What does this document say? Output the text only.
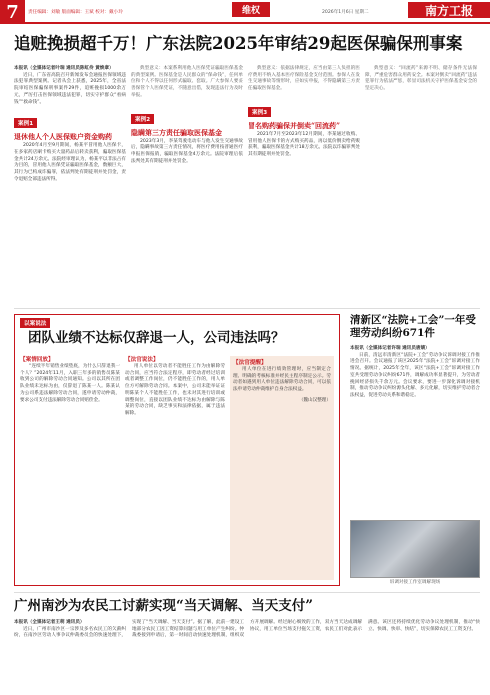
7	责任编辑：刘敏 版面编辑：王斌 校对：戴小玲	维权	2026年1月6日 星期二	南方工报
追赃挽损超千万！广东法院2025年审结29起医保骗保刑事案
本报讯（全媒体记者叶瑞 通讯员陈虹伶 黄焕章）
近日，广东省高院召开新闻发布会通报医保领域违法犯罪典型案例。记者从会上获悉，2025年，全省法院审结医保骗保刑事案件29件，追赃挽损1000余万元，严厉打击医保领域违法犯罪，切实守护群众“看病钱”“救命钱”。
案例1
退休他人个人医保账户资金购药
2020年4月至9月期间，杨某平冒用他人医保卡，在多家药店刷卡购买大量药品后转卖获利，骗取医保基金共计24万余元。法院经审理认为，杨某平以非法占有为目的，冒用他人医保凭证骗取医保基金，数额巨大，其行为已构成诈骗罪，依法判处有期徒刑并处罚金，责令退赔全部违法所得。
典型意义：本案系利用他人医保凭证骗取医保基金的典型案例。医保基金是人民群众的“保命钱”，任何单位和个人不得以任何形式骗取、套取。广大参保人要妥善保管个人医保凭证，不随意出借，发现违法行为及时举报。
案例2
隐瞒第三方责任骗取医保基金
2023年3月，李某驾驶电动车与他人发生交通事故后，隐瞒事故第三方责任情况，将医疗费用按普通医疗申报医保报销，骗取医保基金4万余元。法院审理后依法判处其有期徒刑并处罚金。
典型意义：依据法律规定，应当由第三人负担的医疗费用不纳入基本医疗保险基金支付范围。参保人在发生交通事故等情形时，应如实申报，不得隐瞒第三方责任骗取医保基金。
案例3
冒名购药骗保并倒卖“回流药”
2021年7月至2023年12月期间，李某通过收购、冒用他人医保卡的方式购买药品，再以低价倒卖给药贩获利，骗取医保基金共计18万余元。法院以诈骗罪判处其有期徒刑并处罚金。
典型意义：“回流药”来源不明、储存条件无法保障，严重危害群众用药安全。本案对倒卖“回流药”违法犯罪行为依法严惩，彰显司法机关守护医保基金安全的坚定决心。
以案说法
团队业绩不达标仅辞退一人，公司违法吗？
【案情回放】
“连续半年销售业绩垫底，为什么只辞退我一个人？”2024年11月，入职三年多的销售员陈某收到公司的解除劳动合同通知。公司以其所在团队业绩未达标为由，仅辞退了陈某一人。陈某认为公司系违法解除劳动合同，遂申请劳动仲裁，要求公司支付违法解除劳动合同赔偿金。
【法官说法】
用人单位以劳动者不能胜任工作为由解除劳动合同，应当符合法定程序，即劳动者经过培训或者调整工作岗位，仍不能胜任工作的，用人单位方可解除劳动合同。本案中，公司未能举证证明陈某个人不能胜任工作，也未对其进行培训或调整岗位，直接以团队业绩不达标为由解除与陈某的劳动合同，缺乏事实和法律依据，属于违法解除。
【法官提醒】
用人单位在进行绩效管理时，应当制定合理、明确的考核标准并经民主程序制定公示。劳动者如遇到用人单位违法解除劳动合同，可以依法申请劳动仲裁维护自身合法权益。
（魏山汉整理）
清新区“法院+工会”一年受理劳动纠纷671件
本报讯（全媒体记者许瑞 通讯员唐婧）
日前，清远市清新区“法院+工会”劳动争议诉调对接工作推进会召开。会议通报了该区2025年“法院+工会”诉调对接工作情况。据统计，2025年全年，该区“法院+工会”诉调对接工作室共受理劳动争议纠纷671件，调解成功率显著提升，为劳动者挽回经济损失千余万元。会议要求，要进一步深化诉调对接机制，推动劳动争议纠纷源头化解、多元化解，切实维护劳动者合法权益，促进劳动关系和谐稳定。
诉调对接工作室调解现场
广州南沙为农民工讨薪实现“当天调解、当天支付”
本报讯（全媒体记者王萌 通讯员）
近日，广州市南沙区一宗涉及多名农民工的欠薪纠纷，在南沙区劳动人事争议仲裁委员会的快速处理下，实现了“当天调解、当天支付”。据了解，此前一建设工地部分农民工因工资结算问题与用工单位产生纠纷。仲裁委接到申请后，第一时间启动快速处理机制，组织双方开展调解。经过耐心细致的工作，双方当天达成调解协议，用工单位当场支付拖欠工资，农民工们对此表示满意。该区还将持续优化劳动争议处理机制，推动“快立、快调、快审、快结”，切实保障农民工工资支付。
